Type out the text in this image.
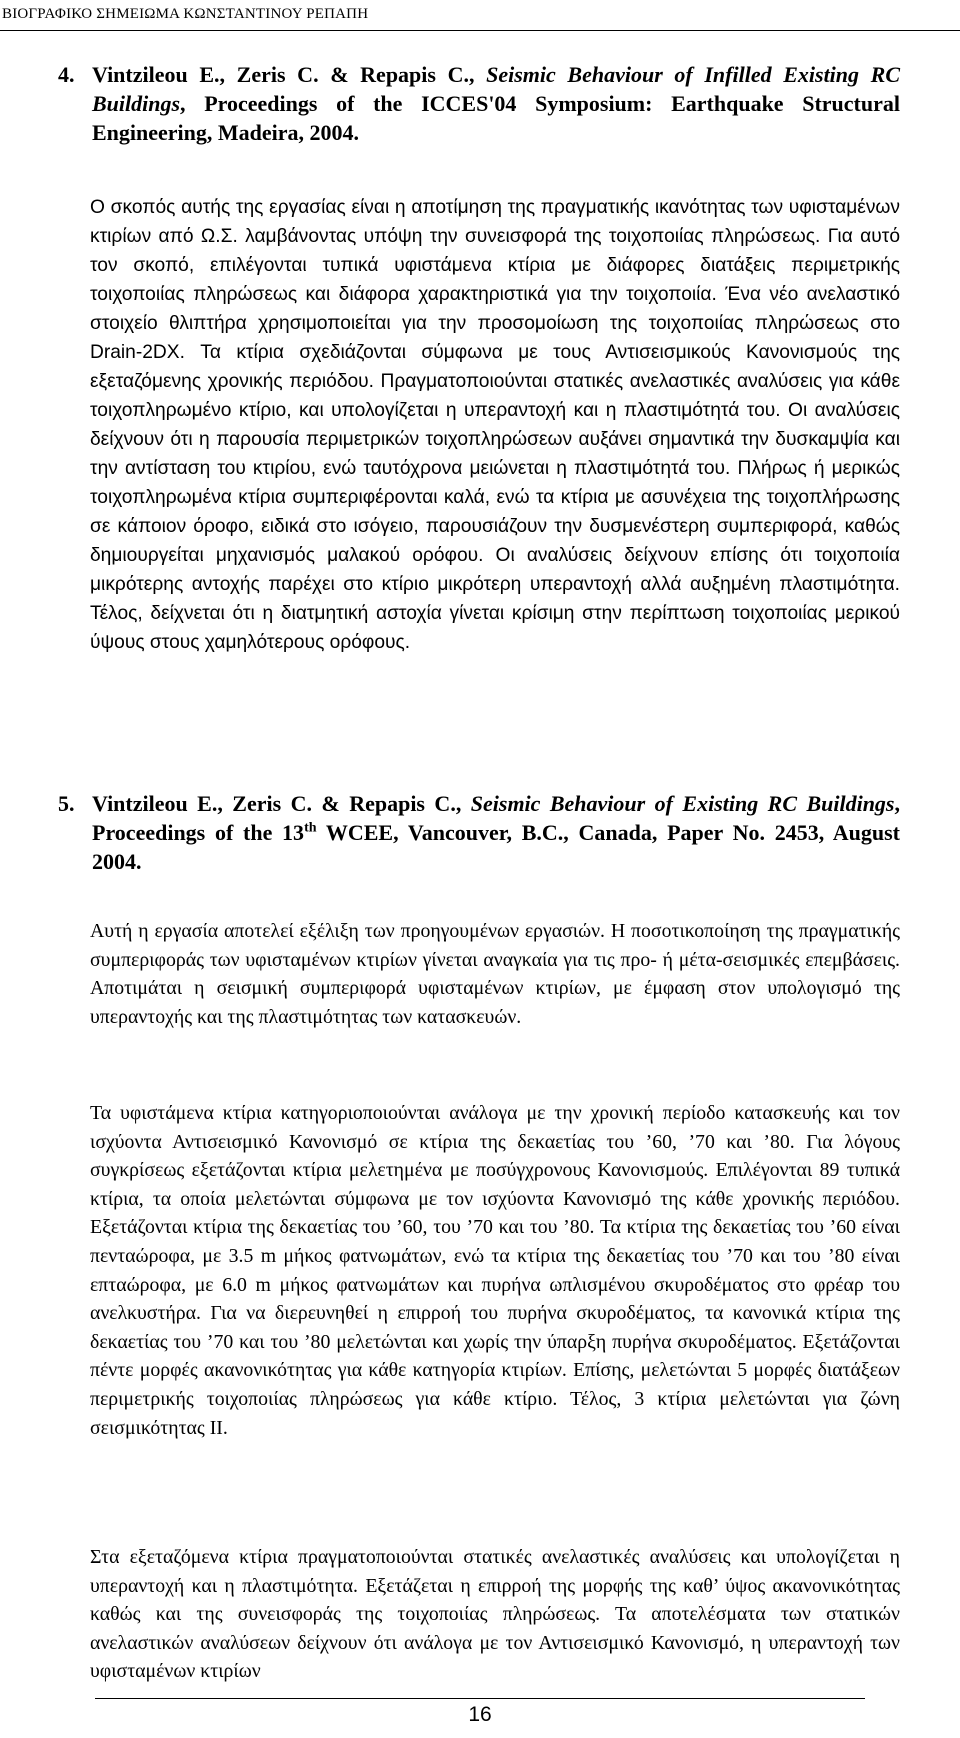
ΒΙΟΓΡΑΦΙΚΟ ΣΗΜΕΙΩΜΑ ΚΩΝΣΤΑΝΤΙΝΟΥ ΡΕΠΑΠΗ
4. Vintzileou E., Zeris C. & Repapis C., Seismic Behaviour of Infilled Existing RC Buildings, Proceedings of the ICCES'04 Symposium: Earthquake Structural Engineering, Madeira, 2004.
Ο σκοπός αυτής της εργασίας είναι η αποτίμηση της πραγματικής ικανότητας των υφισταμένων κτιρίων από Ω.Σ. λαμβάνοντας υπόψη την συνεισφορά της τοιχοποιίας πληρώσεως. Για αυτό τον σκοπό, επιλέγονται τυπικά υφιστάμενα κτίρια με διάφορες διατάξεις περιμετρικής τοιχοποιίας πληρώσεως και διάφορα χαρακτηριστικά για την τοιχοποιία. Ένα νέο ανελαστικό στοιχείο θλιπτήρα χρησιμοποιείται για την προσομοίωση της τοιχοποιίας πληρώσεως στο Drain-2DX. Τα κτίρια σχεδιάζονται σύμφωνα με τους Αντισεισμικούς Κανονισμούς της εξεταζόμενης χρονικής περιόδου. Πραγματοποιούνται στατικές ανελαστικές αναλύσεις για κάθε τοιχοπληρωμένο κτίριο, και υπολογίζεται η υπεραντοχή και η πλαστιμότητά του. Οι αναλύσεις δείχνουν ότι η παρουσία περιμετρικών τοιχοπληρώσεων αυξάνει σημαντικά την δυσκαμψία και την αντίσταση του κτιρίου, ενώ ταυτόχρονα μειώνεται η πλαστιμότητά του. Πλήρως ή μερικώς τοιχοπληρωμένα κτίρια συμπεριφέρονται καλά, ενώ τα κτίρια με ασυνέχεια της τοιχοπλήρωσης σε κάποιον όροφο, ειδικά στο ισόγειο, παρουσιάζουν την δυσμενέστερη συμπεριφορά, καθώς δημιουργείται μηχανισμός μαλακού ορόφου. Οι αναλύσεις δείχνουν επίσης ότι τοιχοποιία μικρότερης αντοχής παρέχει στο κτίριο μικρότερη υπεραντοχή αλλά αυξημένη πλαστιμότητα. Τέλος, δείχνεται ότι η διατμητική αστοχία γίνεται κρίσιμη στην περίπτωση τοιχοποιίας μερικού ύψους στους χαμηλότερους ορόφους.
5. Vintzileou E., Zeris C. & Repapis C., Seismic Behaviour of Existing RC Buildings, Proceedings of the 13th WCEE, Vancouver, B.C., Canada, Paper No. 2453, August 2004.
Αυτή η εργασία αποτελεί εξέλιξη των προηγουμένων εργασιών. Η ποσοτικοποίηση της πραγματικής συμπεριφοράς των υφισταμένων κτιρίων γίνεται αναγκαία για τις προ- ή μέτα-σεισμικές επεμβάσεις. Αποτιμάται η σεισμική συμπεριφορά υφισταμένων κτιρίων, με έμφαση στον υπολογισμό της υπεραντοχής και της πλαστιμότητας των κατασκευών.
Τα υφιστάμενα κτίρια κατηγοριοποιούνται ανάλογα με την χρονική περίοδο κατασκευής και τον ισχύοντα Αντισεισμικό Κανονισμό σε κτίρια της δεκαετίας του ’60, ’70 και ’80. Για λόγους συγκρίσεως εξετάζονται κτίρια μελετημένα με ποσύγχρονους Κανονισμούς. Επιλέγονται 89 τυπικά κτίρια, τα οποία μελετώνται σύμφωνα με τον ισχύοντα Κανονισμό της κάθε χρονικής περιόδου. Εξετάζονται κτίρια της δεκαετίας του ’60, του ’70 και του ’80. Τα κτίρια της δεκαετίας του ’60 είναι πενταώροφα, με 3.5 m μήκος φατνωμάτων, ενώ τα κτίρια της δεκαετίας του ’70 και του ’80 είναι επταώροφα, με 6.0 m μήκος φατνωμάτων και πυρήνα ωπλισμένου σκυροδέματος στο φρέαρ του ανελκυστήρα. Για να διερευνηθεί η επιρροή του πυρήνα σκυροδέματος, τα κανονικά κτίρια της δεκαετίας του ’70 και του ’80 μελετώνται και χωρίς την ύπαρξη πυρήνα σκυροδέματος. Εξετάζονται πέντε μορφές ακανονικότητας για κάθε κατηγορία κτιρίων. Επίσης, μελετώνται 5 μορφές διατάξεων περιμετρικής τοιχοποιίας πληρώσεως για κάθε κτίριο. Τέλος, 3 κτίρια μελετώνται για ζώνη σεισμικότητας ΙΙ.
Στα εξεταζόμενα κτίρια πραγματοποιούνται στατικές ανελαστικές αναλύσεις και υπολογίζεται η υπεραντοχή και η πλαστιμότητα. Εξετάζεται η επιρροή της μορφής της καθ’ ύψος ακανονικότητας καθώς και της συνεισφοράς της τοιχοποιίας πληρώσεως. Τα αποτελέσματα των στατικών ανελαστικών αναλύσεων δείχνουν ότι ανάλογα με τον Αντισεισμικό Κανονισμό, η υπεραντοχή των υφισταμένων κτιρίων
16
